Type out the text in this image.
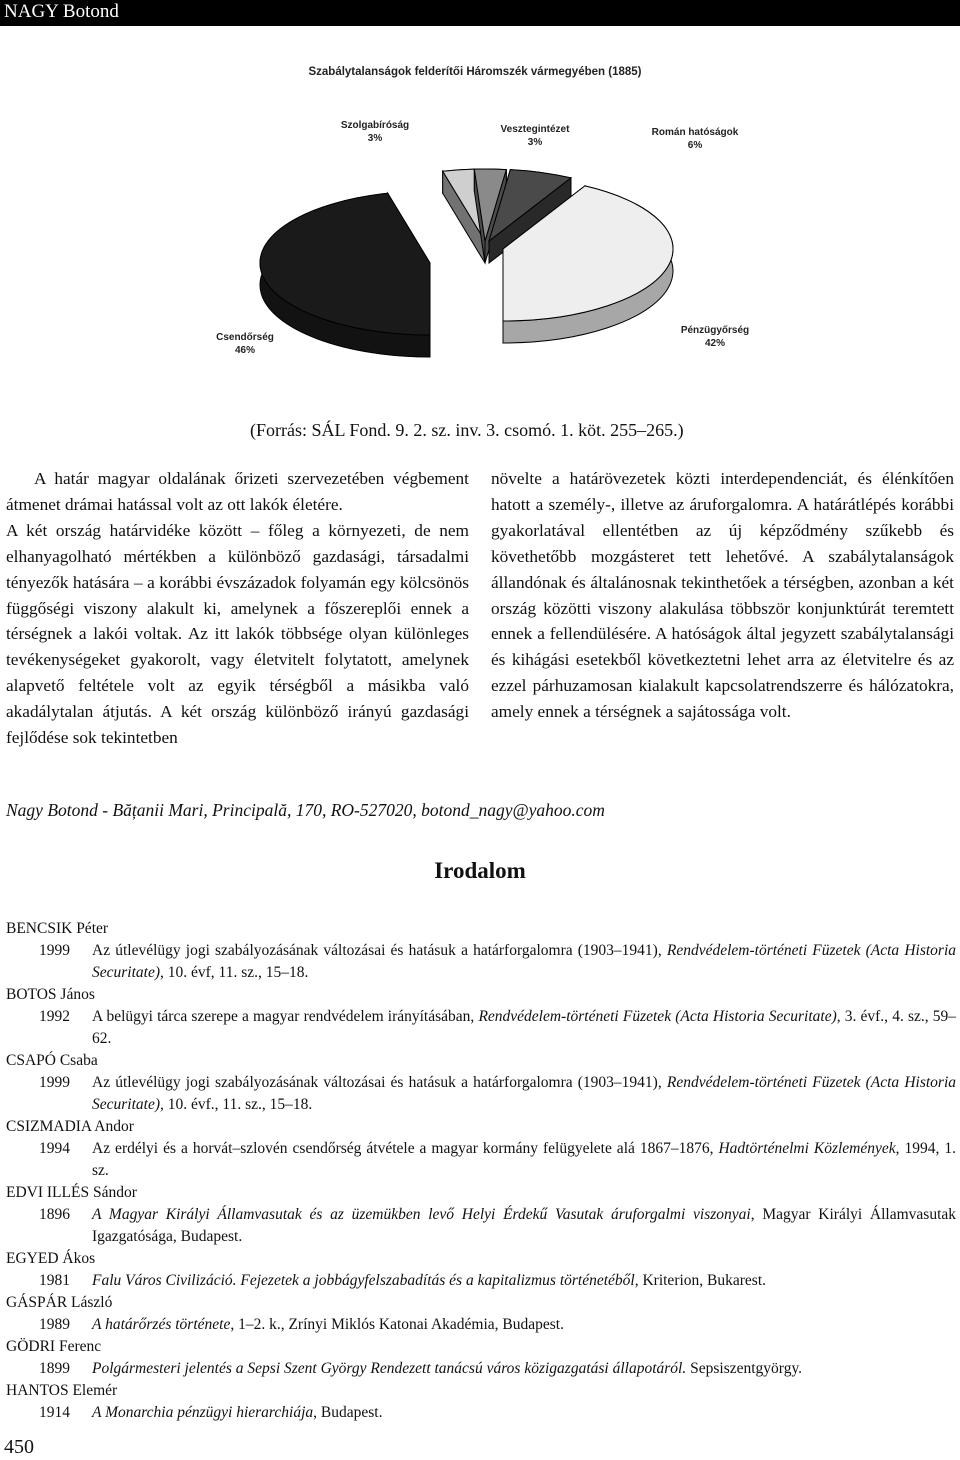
NAGY Botond
Szabálytalanságok felderítői Háromszék vármegyében (1885)
Csendőrség
46%
Pénzügyőrség
42%
Szolgabíróság
3%
Vesztegintézet
3%
Román hatóságok
6%
(Forrás: SÁL Fond. 9. 2. sz. inv. 3. csomó. 1. köt. 255–265.)

A határ magyar oldalának őrizeti szervezetében végbement átmenet drámai hatással volt az ott lakók életére.

A két ország határvidéke között – főleg a környezeti, de nem elhanyagolható mértékben a különböző gazdasági, társadalmi tényezők hatására – a korábbi évszázadok folyamán egy kölcsönös függőségi viszony alakult ki, amelynek a főszereplői ennek a térségnek a lakói voltak. Az itt lakók többsége olyan különleges tevékenységeket gyakorolt, vagy életvitelt folytatott, amelynek alapvető feltétele volt az egyik térségből a másikba való akadálytalan átjutás. A két ország különböző irányú gazdasági fejlődése sok tekintetben

növelte a határövezetek közti interdependenciát, és élénkítően hatott a személy-, illetve az áruforgalomra. A határátlépés korábbi gyakorlatával ellentétben az új képződmény szűkebb és követhetőbb mozgásteret tett lehetővé. A szabálytalanságok állandónak és általánosnak tekinthetőek a térségben, azonban a két ország közötti viszony alakulása többször konjunktúrát teremtett ennek a fellendülésére. A hatóságok által jegyzett szabálytalansági és kihágási esetekből következtetni lehet arra az életvitelre és az ezzel párhuzamosan kialakult kapcsolatrendszerre és hálózatokra, amely ennek a térségnek a sajátossága volt.

Nagy Botond - Bățanii Mari, Principală, 170, RO-527020, botond_nagy@yahoo.com
Irodalom
BENCSIK Péter
1999 Az útlevélügy jogi szabályozásának változásai és hatásuk a határforgalomra (1903–1941), Rendvédelem-történeti Füzetek (Acta Historia Securitate), 10. évf, 11. sz., 15–18.
BOTOS János
1992 A belügyi tárca szerepe a magyar rendvédelem irányításában, Rendvédelem-történeti Füzetek (Acta Historia Securitate), 3. évf., 4. sz., 59–62.
CSAPÓ Csaba
1999 Az útlevélügy jogi szabályozásának változásai és hatásuk a határforgalomra (1903–1941), Rendvédelem-történeti Füzetek (Acta Historia Securitate), 10. évf., 11. sz., 15–18.
CSIZMADIA Andor
1994 Az erdélyi és a horvát–szlovén csendőrség átvétele a magyar kormány felügyelete alá 1867–1876, Hadtörténelmi Közlemények, 1994, 1. sz.
EDVI ILLÉS Sándor
1896 A Magyar Királyi Államvasutak és az üzemükben levő Helyi Érdekű Vasutak áruforgalmi viszonyai, Magyar Királyi Államvasutak Igazgatósága, Budapest.
EGYED Ákos
1981 Falu Város Civilizáció. Fejezetek a jobbágyfelszabadítás és a kapitalizmus történetéből, Kriterion, Bukarest.
GÁSPÁR László
1989 A határőrzés története, 1–2. k., Zrínyi Miklós Katonai Akadémia, Budapest.
GÖDRI Ferenc
1899 Polgármesteri jelentés a Sepsi Szent György Rendezett tanácsú város közigazgatási állapotáról. Sepsiszentgyörgy.
HANTOS Elemér
1914 A Monarchia pénzügyi hierarchiája, Budapest.
450
